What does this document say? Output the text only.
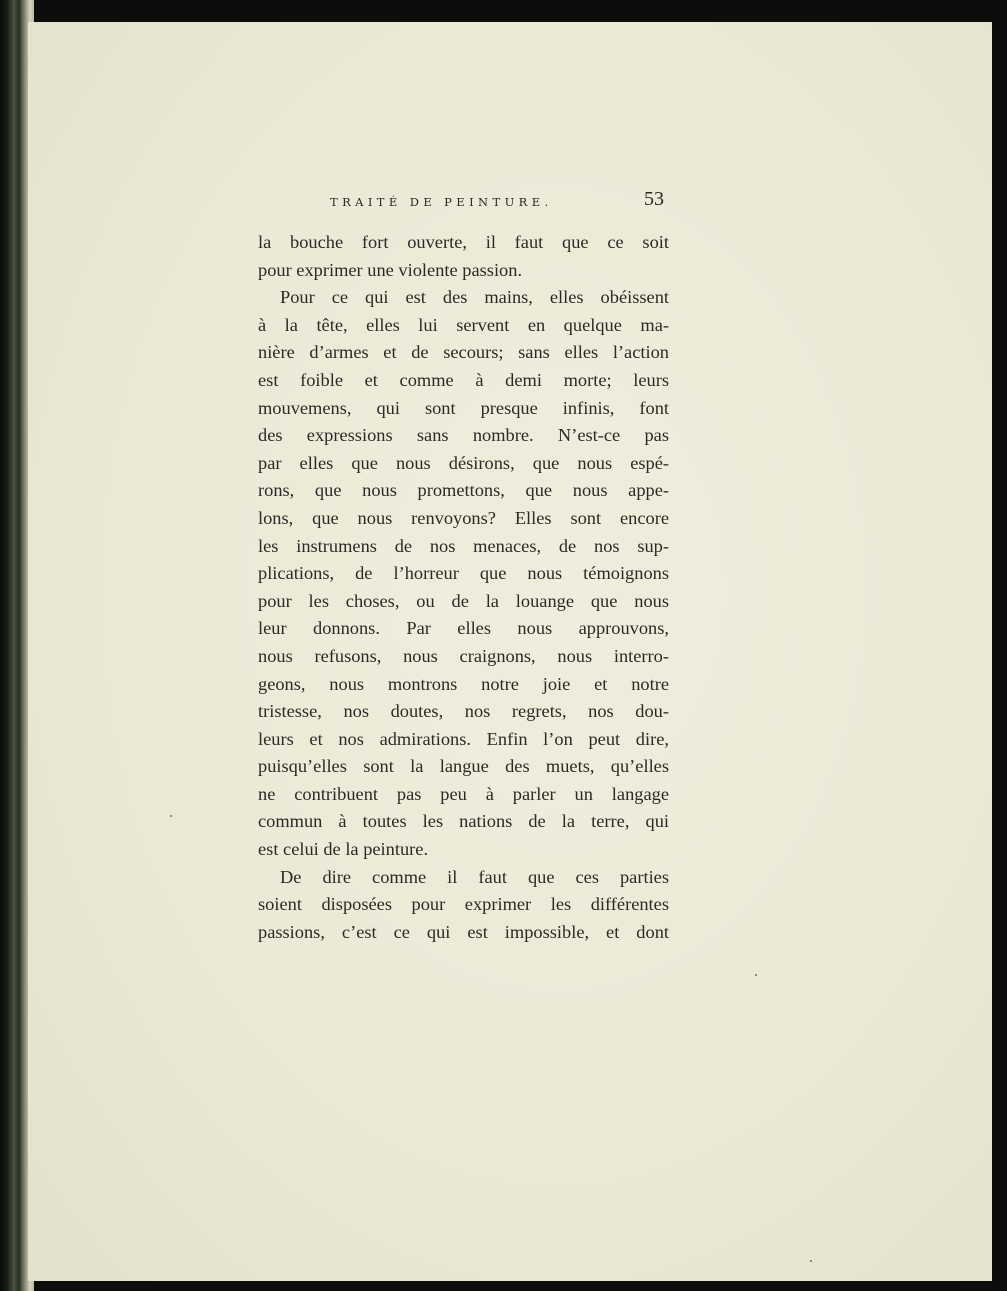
TRAITÉ DE PEINTURE.	53
la bouche fort ouverte, il faut que ce soit
pour exprimer une violente passion.
Pour ce qui est des mains, elles obéissent
à la tête, elles lui servent en quelque ma-
nière d’armes et de secours; sans elles l’action
est foible et comme à demi morte; leurs
mouvemens, qui sont presque infinis, font
des expressions sans nombre. N’est-ce pas
par elles que nous désirons, que nous espé-
rons, que nous promettons, que nous appe-
lons, que nous renvoyons? Elles sont encore
les instrumens de nos menaces, de nos sup-
plications, de l’horreur que nous témoignons
pour les choses, ou de la louange que nous
leur donnons. Par elles nous approuvons,
nous refusons, nous craignons, nous interro-
geons, nous montrons notre joie et notre
tristesse, nos doutes, nos regrets, nos dou-
leurs et nos admirations. Enfin l’on peut dire,
puisqu’elles sont la langue des muets, qu’elles
ne contribuent pas peu à parler un langage
commun à toutes les nations de la terre, qui
est celui de la peinture.
De dire comme il faut que ces parties
soient disposées pour exprimer les différentes
passions, c’est ce qui est impossible, et dont
